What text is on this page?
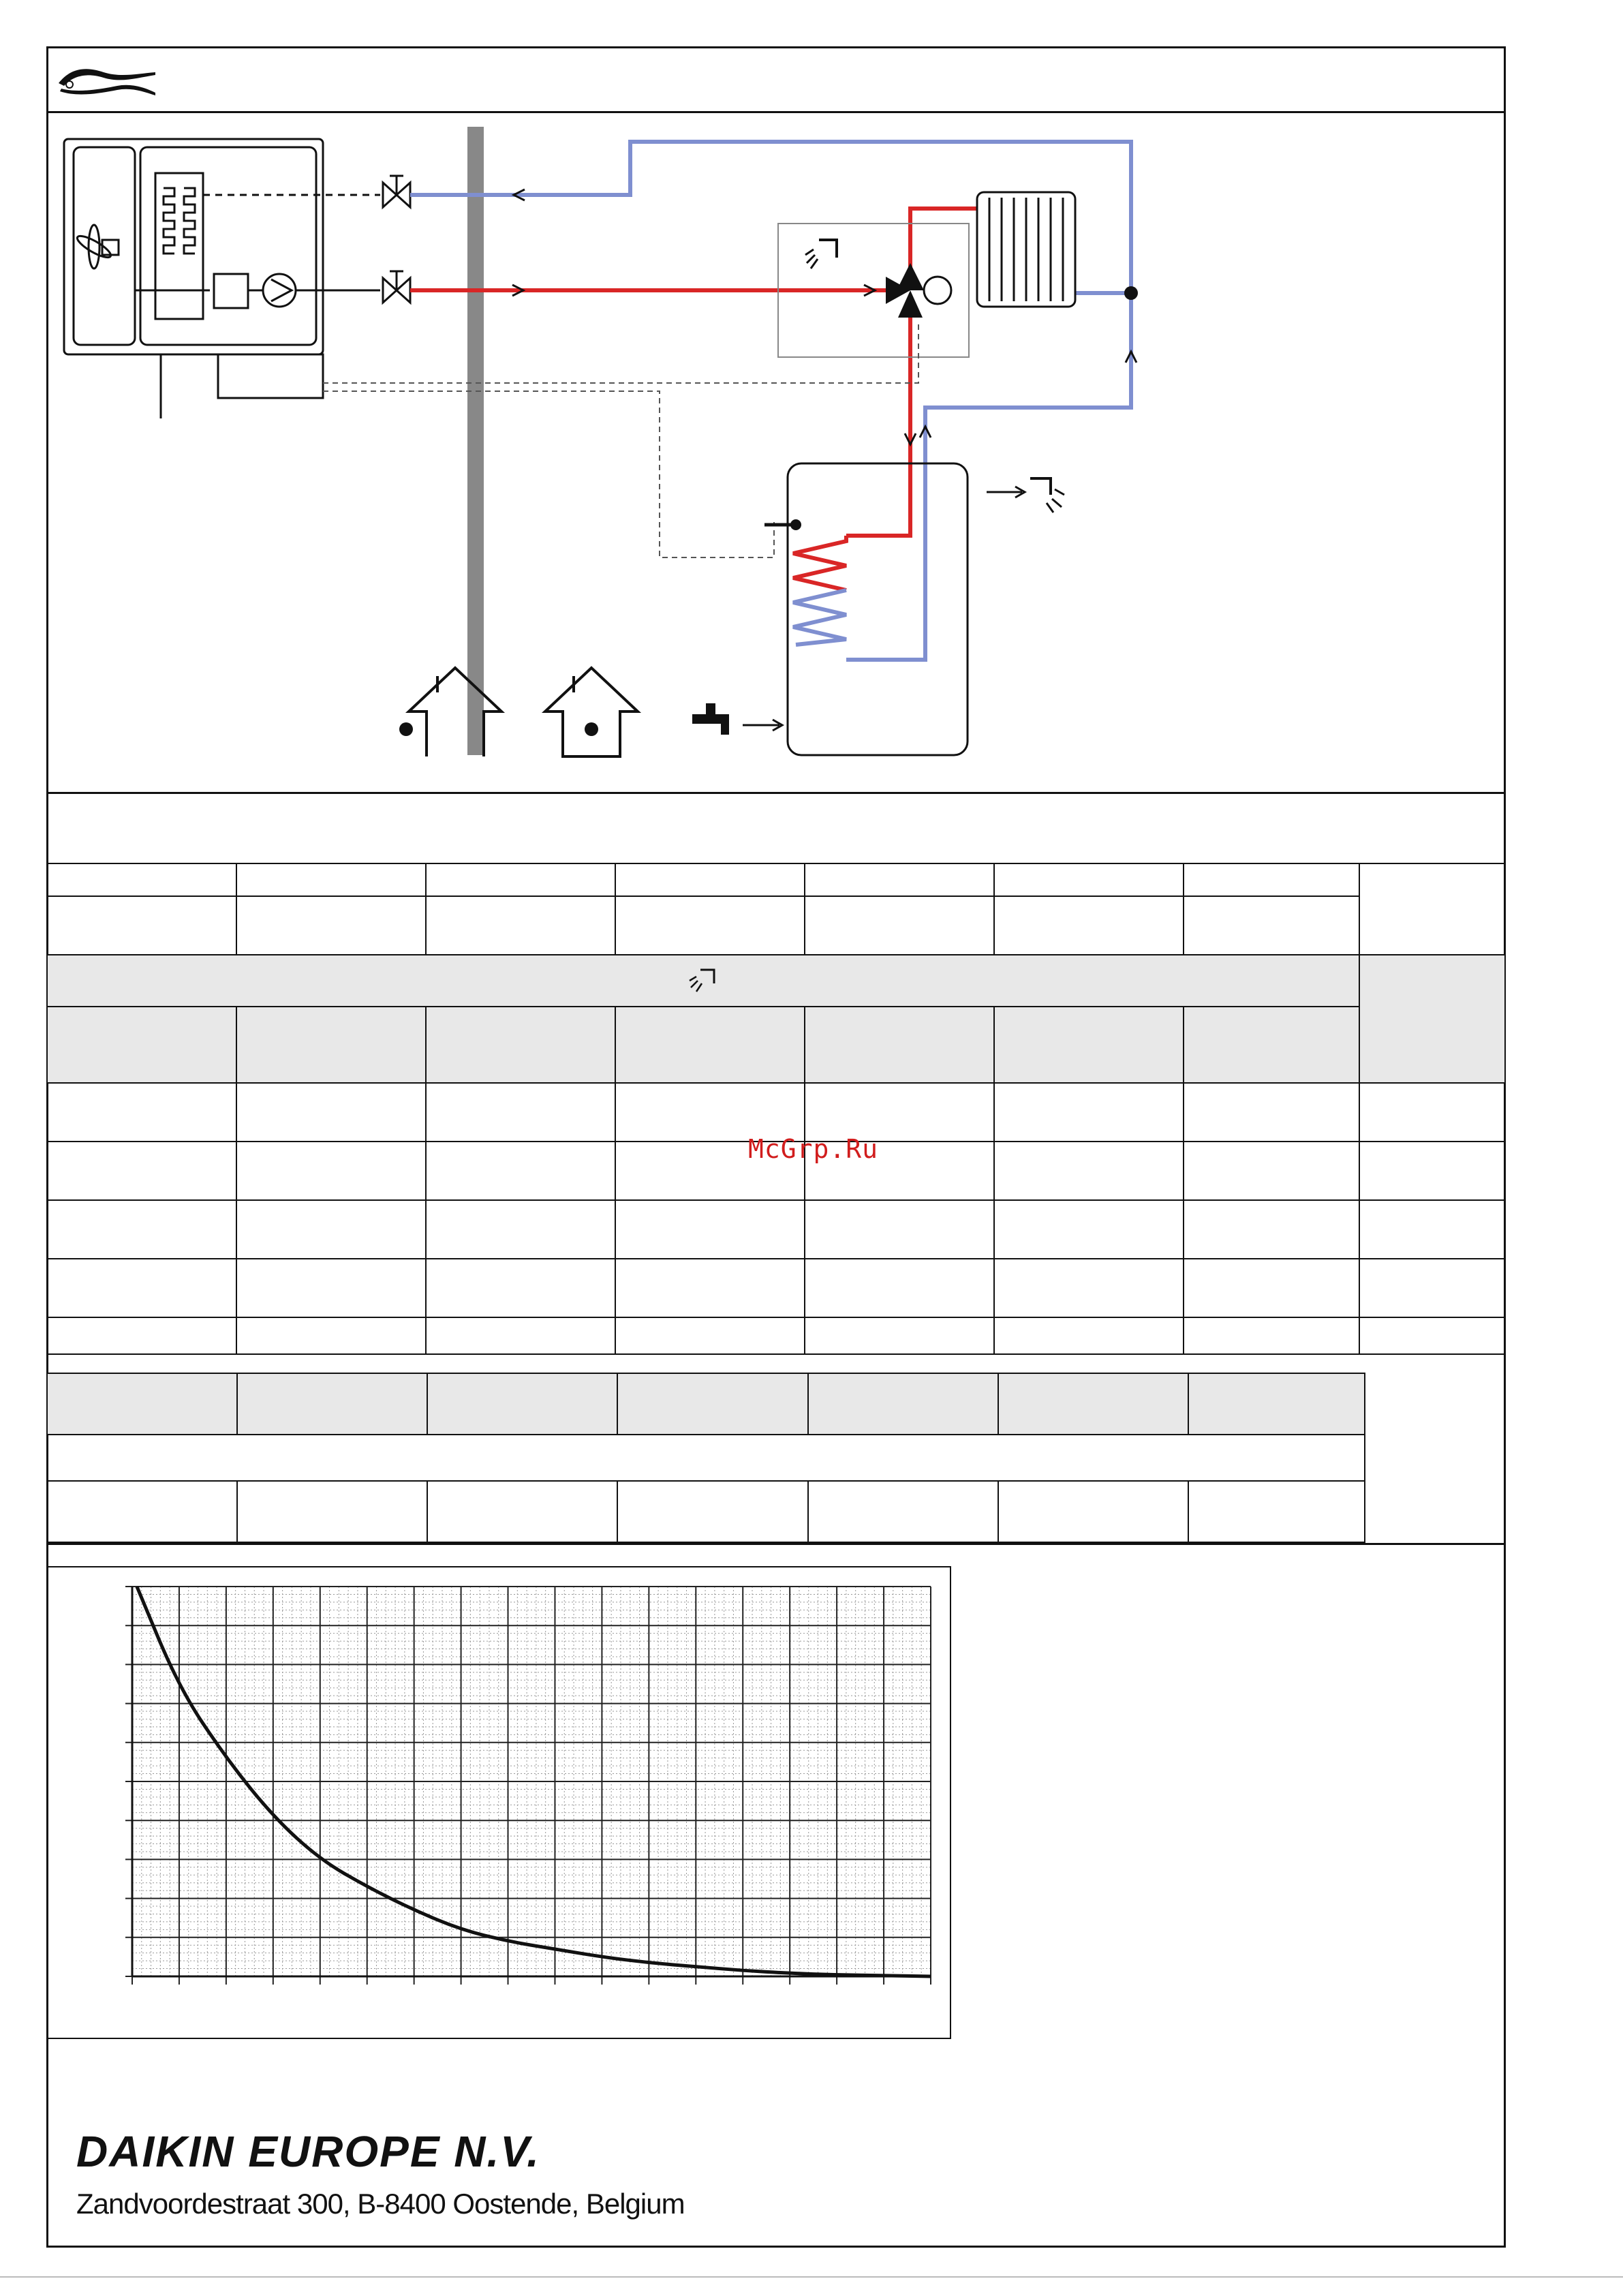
McGrp.Ru
DAIKIN EUROPE N.V.
Zandvoordestraat 300, B-8400 Oostende, Belgium
